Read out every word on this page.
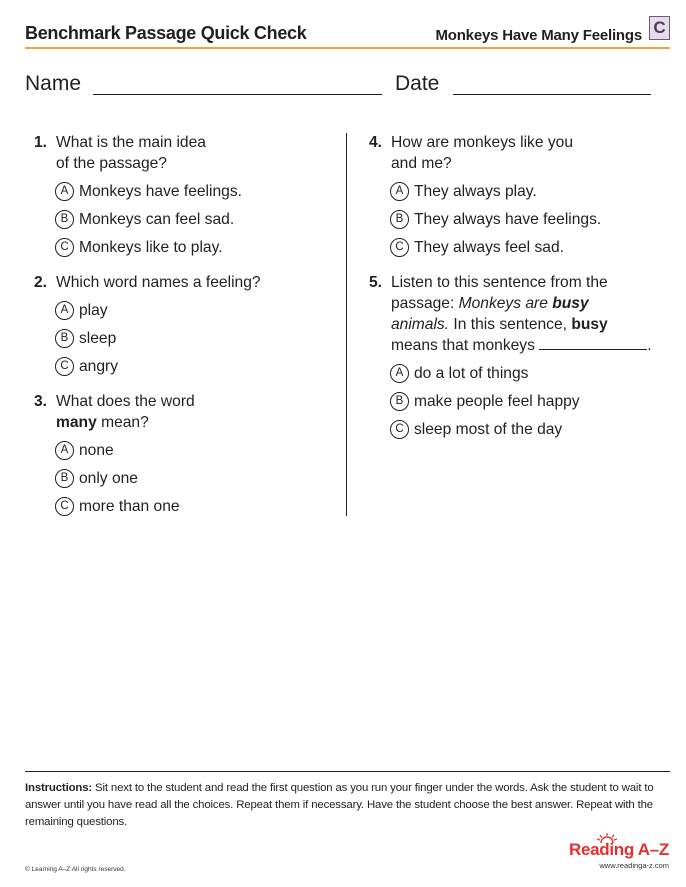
Benchmark Passage Quick Check	Monkeys Have Many Feelings C
Name	Date
1. What is the main idea
of the passage?
A Monkeys have feelings.
B Monkeys can feel sad.
C Monkeys like to play.
2. Which word names a feeling?
A play
B sleep
C angry
3. What does the word
many mean?
A none
B only one
C more than one
4. How are monkeys like you
and me?
A They always play.
B They always have feelings.
C They always feel sad.
5. Listen to this sentence from the
passage: Monkeys are busy
animals. In this sentence, busy
means that monkeys	.
A do a lot of things
B make people feel happy
C sleep most of the day
Instructions: Sit next to the student and read the first question as you run your finger under the words. Ask the student to wait to answer until you have read all the choices. Repeat them if necessary. Have the student choose the best answer. Repeat with the remaining questions.
© Learning A–Z All rights reserved.
Reading A–Z
www.readinga-z.com
